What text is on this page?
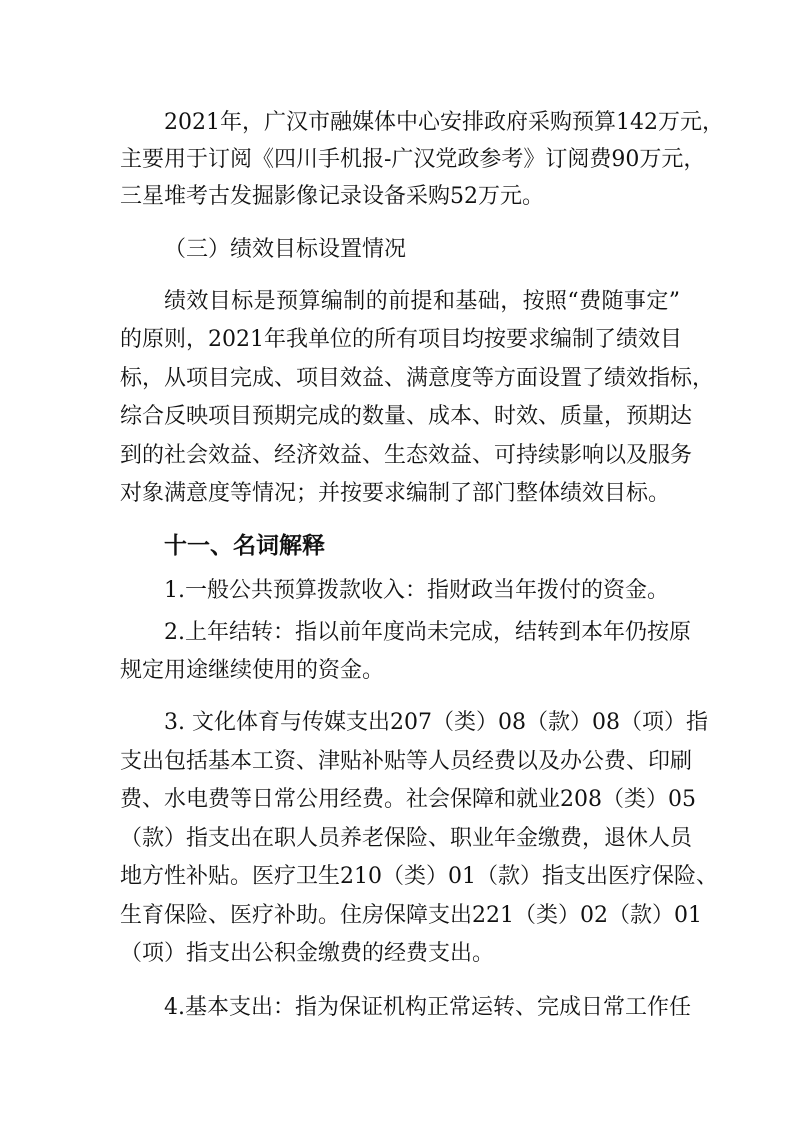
2021年，广汉市融媒体中心安排政府采购预算142万元，
主要用于订阅《四川手机报-广汉党政参考》订阅费90万元，
三星堆考古发掘影像记录设备采购52万元。
（三）绩效目标设置情况
绩效目标是预算编制的前提和基础，按照“费随事定”
的原则，2021年我单位的所有项目均按要求编制了绩效目
标，从项目完成、项目效益、满意度等方面设置了绩效指标，
综合反映项目预期完成的数量、成本、时效、质量，预期达
到的社会效益、经济效益、生态效益、可持续影响以及服务
对象满意度等情况；并按要求编制了部门整体绩效目标。
十一、名词解释
1.一般公共预算拨款收入：指财政当年拨付的资金。
2.上年结转：指以前年度尚未完成，结转到本年仍按原
规定用途继续使用的资金。
3. 文化体育与传媒支出207（类）08（款）08（项）指
支出包括基本工资、津贴补贴等人员经费以及办公费、印刷
费、水电费等日常公用经费。社会保障和就业208（类）05
（款）指支出在职人员养老保险、职业年金缴费，退休人员
地方性补贴。医疗卫生210（类）01（款）指支出医疗保险、
生育保险、医疗补助。住房保障支出221（类）02（款）01
（项）指支出公积金缴费的经费支出。
4.基本支出：指为保证机构正常运转、完成日常工作任
